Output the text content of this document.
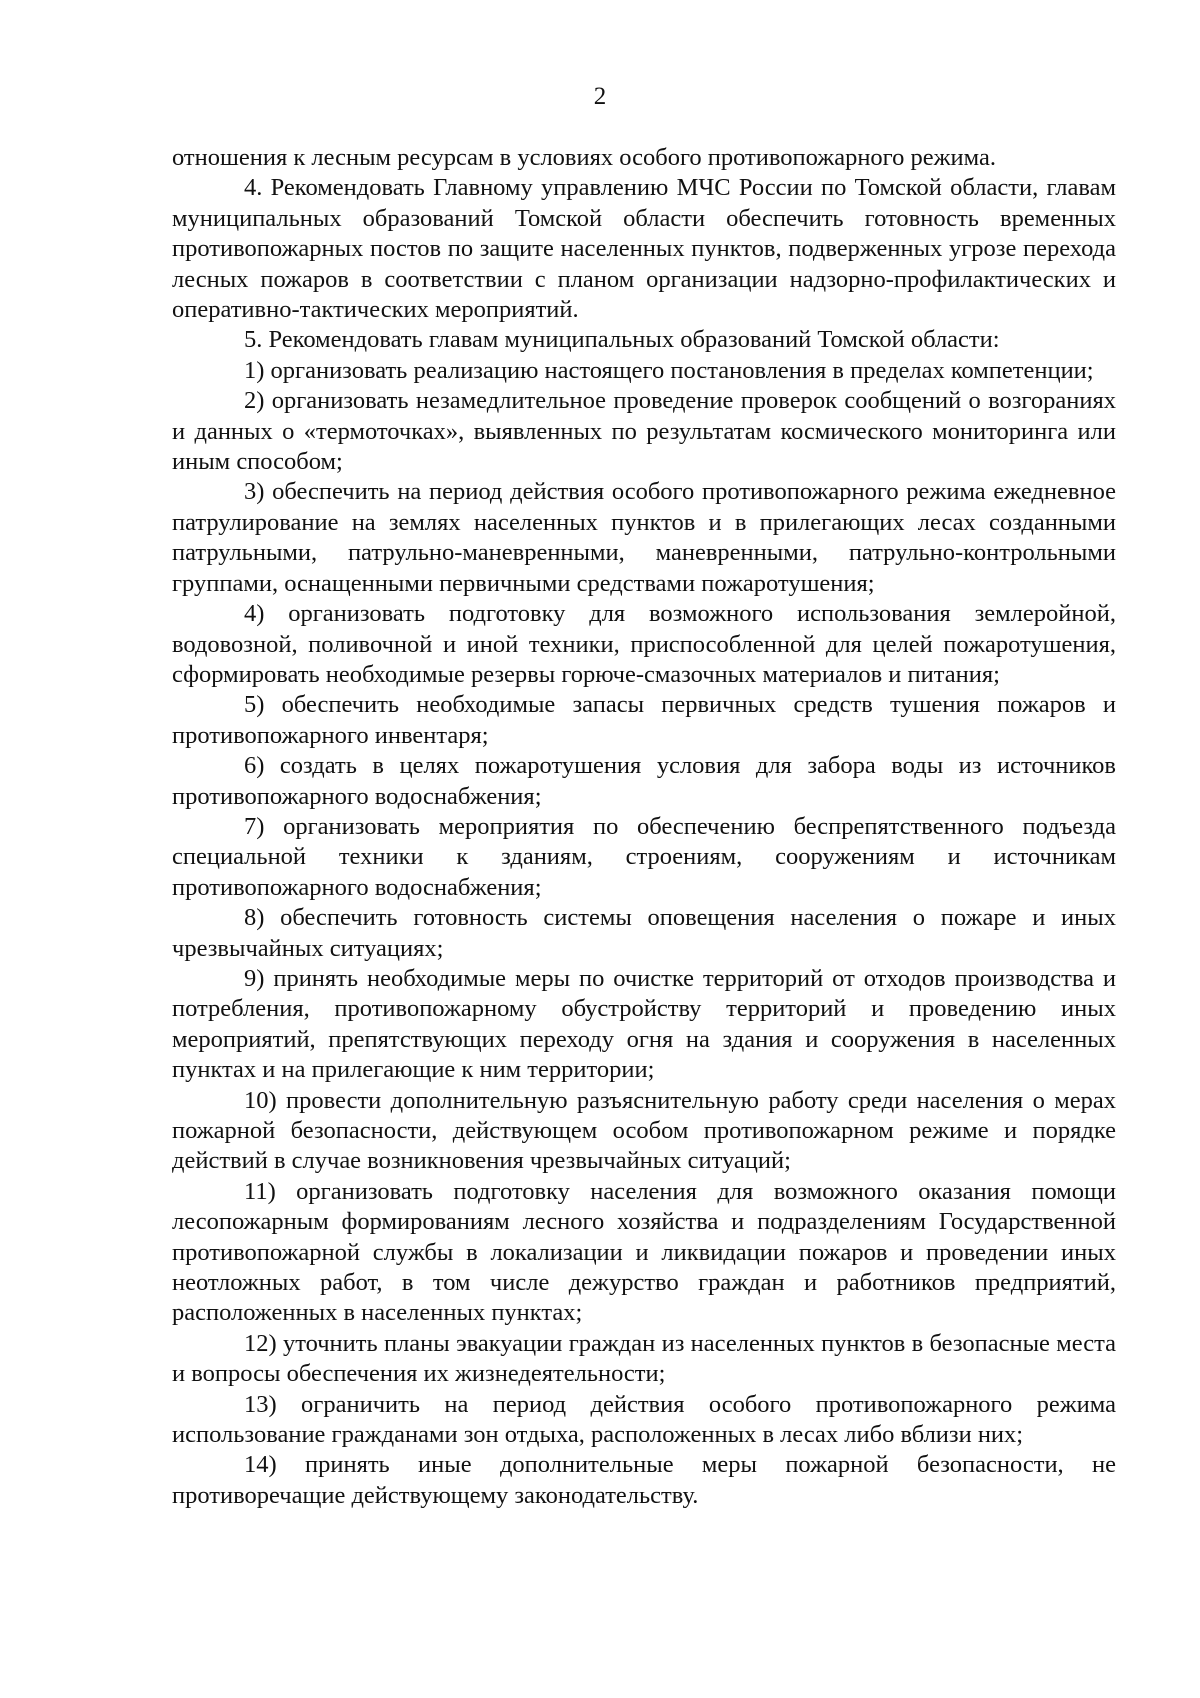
2

отношения к лесным ресурсам в условиях особого противопожарного режима.

4. Рекомендовать Главному управлению МЧС России по Томской области, главам муниципальных образований Томской области обеспечить готовность временных противопожарных постов по защите населенных пунктов, подверженных угрозе перехода лесных пожаров в соответствии с планом организации надзорно-профилактических и оперативно-тактических мероприятий.

5. Рекомендовать главам муниципальных образований Томской области:

1) организовать реализацию настоящего постановления в пределах компетенции;

2) организовать незамедлительное проведение проверок сообщений о возгораниях и данных о «термоточках», выявленных по результатам космического мониторинга или иным способом;

3) обеспечить на период действия особого противопожарного режима ежедневное патрулирование на землях населенных пунктов и в прилегающих лесах созданными патрульными, патрульно-маневренными, маневренными, патрульно-контрольными группами, оснащенными первичными средствами пожаротушения;

4) организовать подготовку для возможного использования землеройной, водовозной, поливочной и иной техники, приспособленной для целей пожаротушения, сформировать необходимые резервы горюче-смазочных материалов и питания;

5) обеспечить необходимые запасы первичных средств тушения пожаров и противопожарного инвентаря;

6) создать в целях пожаротушения условия для забора воды из источников противопожарного водоснабжения;

7) организовать мероприятия по обеспечению беспрепятственного подъезда специальной техники к зданиям, строениям, сооружениям и источникам противопожарного водоснабжения;

8) обеспечить готовность системы оповещения населения о пожаре и иных чрезвычайных ситуациях;

9) принять необходимые меры по очистке территорий от отходов производства и потребления, противопожарному обустройству территорий и проведению иных мероприятий, препятствующих переходу огня на здания и сооружения в населенных пунктах и на прилегающие к ним территории;

10) провести дополнительную разъяснительную работу среди населения о мерах пожарной безопасности, действующем особом противопожарном режиме и порядке действий в случае возникновения чрезвычайных ситуаций;

11) организовать подготовку населения для возможного оказания помощи лесопожарным формированиям лесного хозяйства и подразделениям Государственной противопожарной службы в локализации и ликвидации пожаров и проведении иных неотложных работ, в том числе дежурство граждан и работников предприятий, расположенных в населенных пунктах;

12) уточнить планы эвакуации граждан из населенных пунктов в безопасные места и вопросы обеспечения их жизнедеятельности;

13) ограничить на период действия особого противопожарного режима использование гражданами зон отдыха, расположенных в лесах либо вблизи них;

14) принять иные дополнительные меры пожарной безопасности, не противоречащие действующему законодательству.
